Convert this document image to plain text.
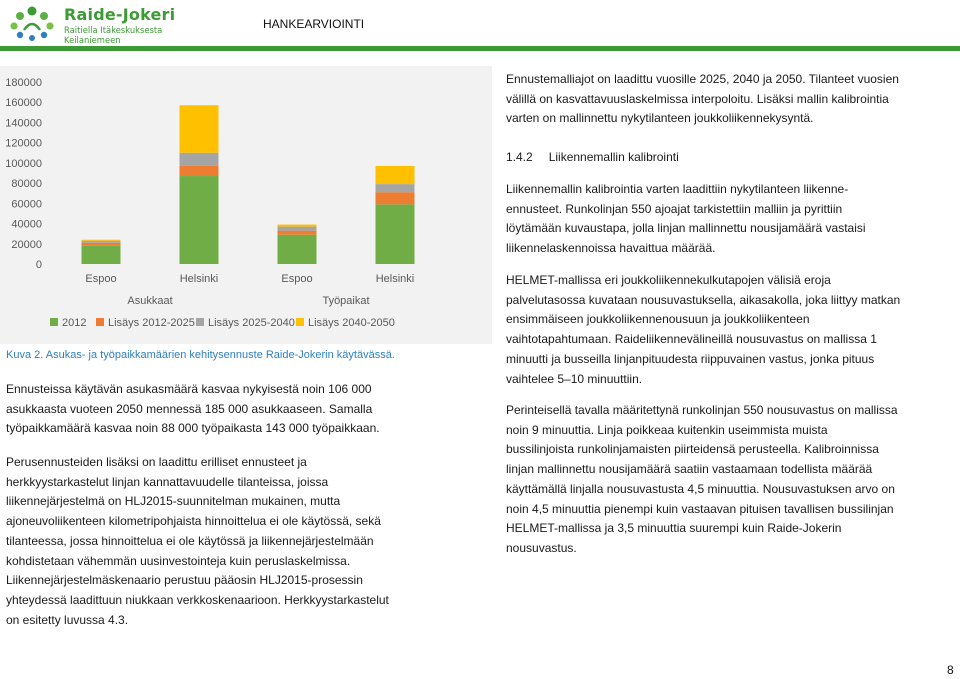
Raide-Jokeri
Raitiella Itäkeskuksesta Keilaniemeen
HANKEARVIOINTI
0
20000
40000
60000
80000
100000
120000
140000
160000
180000
Espoo	Helsinki	Espoo	Helsinki
Asukkaat	Työpaikat
2012 Lisäys 2012-2025 Lisäys 2025-2040 Lisäys 2040-2050
Kuva 2. Asukas- ja työpaikkamäärien kehitysennuste Raide-Jokerin käytävässä.
Ennusteissa käytävän asukasmäärä kasvaa nykyisestä noin 106 000
asukkaasta vuoteen 2050 mennessä 185 000 asukkaaseen. Samalla
työpaikkamäärä kasvaa noin 88 000 työpaikasta 143 000 työpaikkaan.
Perusennusteiden lisäksi on laadittu erilliset ennusteet ja
herkkyystarkastelut linjan kannattavuudelle tilanteissa, joissa
liikennejärjestelmä on HLJ2015-suunnitelman mukainen, mutta
ajoneuvoliikenteen kilometripohjaista hinnoittelua ei ole käytössä, sekä
tilanteessa, jossa hinnoittelua ei ole käytössä ja liikennejärjestelmään
kohdistetaan vähemmän uusinvestointeja kuin peruslaskelmissa.
Liikennejärjestelmäskenaario perustuu pääosin HLJ2015-prosessin
yhteydessä laadittuun niukkaan verkkoskenaarioon. Herkkyystarkastelut
on esitetty luvussa 4.3.
Ennustemalliajot on laadittu vuosille 2025, 2040 ja 2050. Tilanteet vuosien
välillä on kasvattavuuslaskelmissa interpoloitu. Lisäksi mallin kalibrointia
varten on mallinnettu nykytilanteen joukkoliikennekysyntä.
1.4.2 Liikennemallin kalibrointi
Liikennemallin kalibrointia varten laadittiin nykytilanteen liikenne-
ennusteet. Runkolinjan 550 ajoajat tarkistettiin malliin ja pyrittiin
löytämään kuvaustapa, jolla linjan mallinnettu nousijamäärä vastaisi
liikennelaskennoissa havaittua määrää.
HELMET-mallissa eri joukkoliikennekulkutapojen välisiä eroja
palvelutasossa kuvataan nousuvastuksella, aikasakolla, joka liittyy matkan
ensimmäiseen joukkoliikennenousuun ja joukkoliikenteen
vaihtotapahtumaan. Raideliikennevälineillä nousuvastus on mallissa 1
minuutti ja busseilla linjanpituudesta riippuvainen vastus, jonka pituus
vaihtelee 5–10 minuuttiin.
Perinteisellä tavalla määritettynä runkolinjan 550 nousuvastus on mallissa
noin 9 minuuttia. Linja poikkeaa kuitenkin useimmista muista
bussilinjoista runkolinjamaisten piirteidensä perusteella. Kalibroinnissa
linjan mallinnettu nousijamäärä saatiin vastaamaan todellista määrää
käyttämällä linjalla nousuvastusta 4,5 minuuttia. Nousuvastuksen arvo on
noin 4,5 minuuttia pienempi kuin vastaavan pituisen tavallisen bussilinjan
HELMET-mallissa ja 3,5 minuuttia suurempi kuin Raide-Jokerin
nousuvastus.
8
